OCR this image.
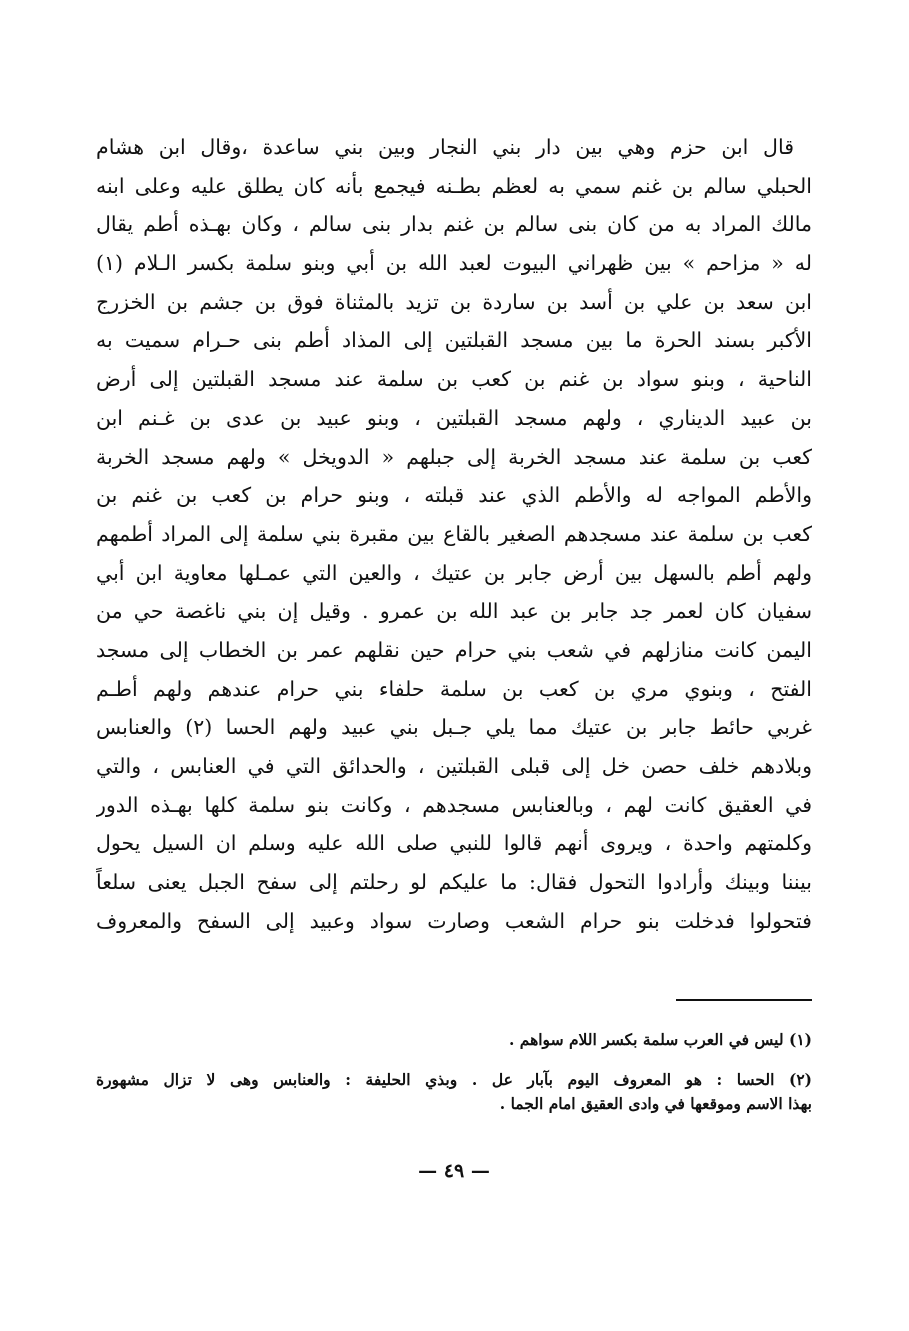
قال ابن حزم وهي بين دار بني النجار وبين بني ساعدة ،وقال ابن هشام
الحبلي سالم بن غنم سمي به لعظم بطـنه فيجمع بأنه كان يطلق عليه وعلى ابنه
مالك المراد به من كان بنى سالم بن غنم بدار بنى سالم ، وكان بهـذه أطم يقال
له « مزاحم » بين ظهراني البيوت لعبد الله بن أبي وبنو سلمة بكسر الـلام (١)
ابن سعد بن علي بن أسد بن ساردة بن تزيد بالمثناة فوق بن جشم بن الخزرج
الأكبر بسند الحرة ما بين مسجد القبلتين إلى المذاد أطم بنى حـرام سميت به
الناحية ، وبنو سواد بن غنم بن كعب بن سلمة عند مسجد القبلتين إلى أرض
بن عبيد الديناري ، ولهم مسجد القبلتين ، وبنو عبيد بن عدى بن غـنم ابن
كعب بن سلمة عند مسجد الخربة إلى جبلهم « الدويخل » ولهم مسجد الخربة
والأطم المواجه له والأطم الذي عند قبلته ، وبنو حرام بن كعب بن غنم بن
كعب بن سلمة عند مسجدهم الصغير بالقاع بين مقبرة بني سلمة إلى المراد أطمهم
ولهم أطم بالسهل بين أرض جابر بن عتيك ، والعين التي عمـلها معاوية ابن أبي
سفيان كان لعمر جد جابر بن عبد الله بن عمرو . وقيل إن بني ناغصة حي من
اليمن كانت منازلهم في شعب بني حرام حين نقلهم عمر بن الخطاب إلى مسجد
الفتح ، وبنوي مري بن كعب بن سلمة حلفاء بني حرام عندهم ولهم أطـم
غربي حائط جابر بن عتيك مما يلي جـبل بني عبيد ولهم الحسا (٢) والعنابس
وبلادهم خلف حصن خل إلى قبلى القبلتين ، والحدائق التي في العنابس ، والتي
في العقيق كانت لهم ، وبالعنابس مسجدهم ، وكانت بنو سلمة كلها بهـذه الدور
وكلمتهم واحدة ، ويروى أنهم قالوا للنبي صلى الله عليه وسلم ان السيل يحول
بيننا وبينك وأرادوا التحول فقال: ما عليكم لو رحلتم إلى سفح الجبل يعنى سلعاً
فتحولوا فدخلت بنو حرام الشعب وصارت سواد وعبيد إلى السفح والمعروف
(١) ليس في العرب سلمة بكسر اللام سواهم .
(٢) الحسا : هو المعروف اليوم بآبار عل . وبذي الحليفة : والعنابس وهى لا تزال مشهورة
بهذا الاسم وموقعها في وادى العقيق امام الجما .
— ٤٩ —
